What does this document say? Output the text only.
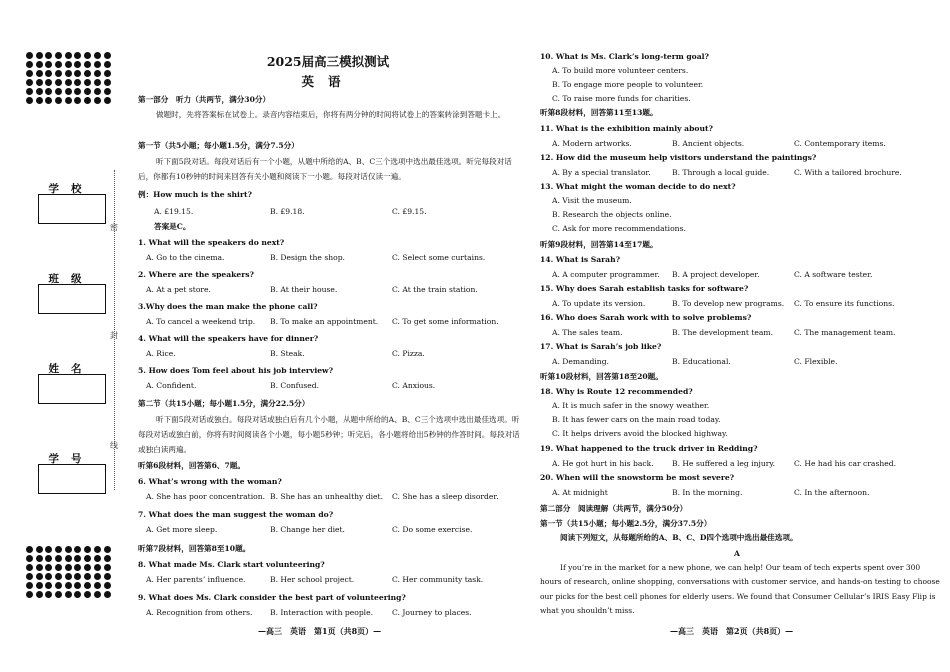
学校
班级
姓名
学号
密
封
线
2025届高三模拟测试
英语
第一部分　听力（共两节，满分30分）
做题时，先将答案标在试卷上。录音内容结束后，你将有两分钟的时间将试卷上的答案转涂到答题卡上。
第一节（共5小题；每小题1.5分，满分7.5分）
听下面5段对话。每段对话后有一个小题，从题中所给的A、B、C三个选项中选出最佳选项。听完每段对话后，你都有10秒钟的时间来回答有关小题和阅读下一小题。每段对话仅读一遍。
例：How much is the shirt?
A. £19.15.	B. £9.18.	C. £9.15.
答案是C。
1. What will the speakers do next?
A. Go to the cinema.	B. Design the shop.	C. Select some curtains.
2. Where are the speakers?
A. At a pet store.	B. At their house.	C. At the train station.
3.Why does the man make the phone call?
A. To cancel a weekend trip. B. To make an appointment. C. To get some information.
4. What will the speakers have for dinner?
A. Rice.	B. Steak.	C. Pizza.
5. How does Tom feel about his job interview?
A. Confident.	B. Confused.	C. Anxious.
6. What’s wrong with the woman?
A. She has poor concentration. B. She has an unhealthy diet. C. She has a sleep disorder.
7. What does the man suggest the woman do?
A. Get more sleep.	B. Change her diet.	C. Do some exercise.
8. What made Ms. Clark start volunteering?
A. Her parents’ influence.	B. Her school project.	C. Her community task.
9. What does Ms. Clark consider the best part of volunteering?
A. Recognition from others. B. Interaction with people. C. Journey to places.
第二节（共15小题；每小题1.5分，满分22.5分）
听下面5段对话或独白。每段对话或独白后有几个小题，从题中所给的A、B、C三个选项中选出最佳选项。听每段对话或独白前，你将有时间阅读各个小题，每小题5秒钟；听完后，各小题将给出5秒钟的作答时间。每段对话或独白读两遍。
听第6段材料，回答第6、7题。
听第7段材料，回答第8至10题。
—高三　英语　第1页（共8页）—
10. What is Ms. Clark’s long-term goal?
A. To build more volunteer centers.
B. To engage more people to volunteer.
C. To raise more funds for charities.
11. What is the exhibition mainly about?
A. Modern artworks.	B. Ancient objects.	C. Contemporary items.
12. How did the museum help visitors understand the paintings?
A. By a special translator.	B. Through a local guide.	C. With a tailored brochure.
13. What might the woman decide to do next?
A. Visit the museum.
B. Research the objects online.
C. Ask for more recommendations.
14. What is Sarah?
A. A computer programmer. B. A project developer.	C. A software tester.
15. Why does Sarah establish tasks for software?
A. To update its version.	B. To develop new programs. C. To ensure its functions.
16. Who does Sarah work with to solve problems?
A. The sales team.	B. The development team.	C. The management team.
17. What is Sarah’s job like?
A. Demanding.	B. Educational.	C. Flexible.
18. Why is Route 12 recommended?
A. It is much safer in the snowy weather.
B. It has fewer cars on the main road today.
C. It helps drivers avoid the blocked highway.
19. What happened to the truck driver in Redding?
A. He got hurt in his back. B. He suffered a leg injury. C. He had his car crashed.
20. When will the snowstorm be most severe?
A. At midnight	B. In the morning.	C. In the afternoon.
听第8段材料，回答第11至13题。
听第9段材料，回答第14至17题。
听第10段材料，回答第18至20题。
第二部分　阅读理解（共两节，满分50分）
第一节（共15小题；每小题2.5分，满分37.5分）
阅读下列短文，从每题所给的A、B、C、D四个选项中选出最佳选项。
A
If you’re in the market for a new phone, we can help! Our team of tech experts spent over 300 hours of research, online shopping, conversations with customer service, and hands-on testing to choose our picks for the best cell phones for elderly users. We found that Consumer Cellular’s IRIS Easy Flip is what you shouldn’t miss.
—高三　英语　第2页（共8页）—
